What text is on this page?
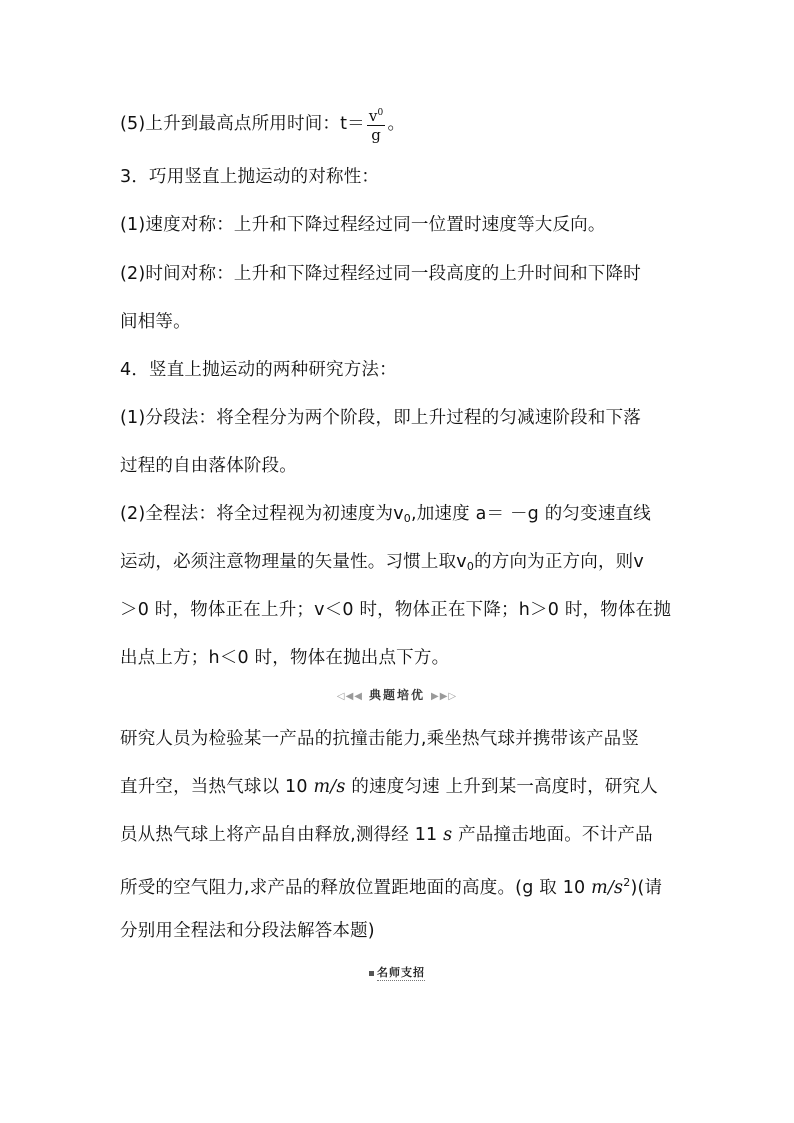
(5)上升到最高点所用时间：$t= \frac{v^0}{g}$ 。
3．巧用竖直上抛运动的对称性：
(1)速度对称：上升和下降过程经过同一位置时速度等大反向。
(2)时间对称：上升和下降过程经过同一段高度的上升时间和下降时
间相等。
4．竖直上抛运动的两种研究方法：
(1)分段法：将全程分为两个阶段，即上升过程的匀减速阶段和下落
过程的自由落体阶段。
(2)全程法：将全过程视为初速度为$v_0$,加速度 a＝ －g 的匀变速直线
运动，必须注意物理量的矢量性。习惯上取$v_0$的方向为正方向，则v
＞0 时，物体正在上升；v＜0 时，物体正在下降；h＞0 时，物体在抛
出点上方；h＜0 时，物体在抛出点下方。
◁◀◀ 典题培优 ▶▶▷
研究人员为检验某一产品的抗撞击能力,乘坐热气球并携带该产品竖
直升空，当热气球以 10 m/s 的速度匀速 上升到某一高度时，研究人
员从热气球上将产品自由释放,测得经 11 s 产品撞击地面。不计产品
所受的空气阻力,求产品的释放位置距地面的高度。(g 取 10 $m/s^2$)(请
分别用全程法和分段法解答本题)
名师支招
